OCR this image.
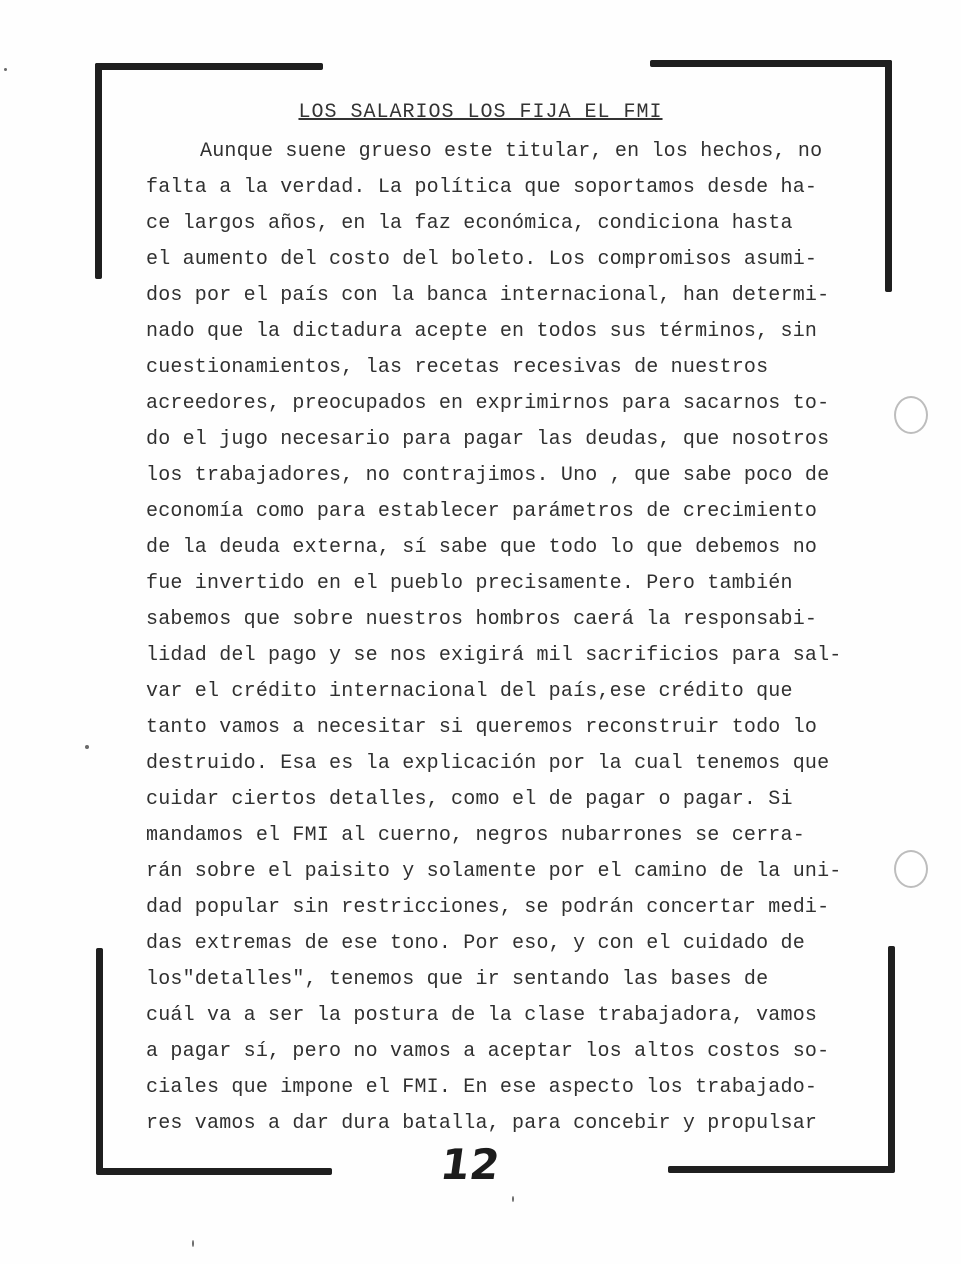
LOS SALARIOS LOS FIJA EL FMI
Aunque suene grueso este titular, en los hechos, no
falta a la verdad. La política que soportamos desde ha-
ce largos años, en la faz económica, condiciona hasta
el aumento del costo del boleto. Los compromisos asumi-
dos por el país con la banca internacional, han determi-
nado que la dictadura acepte en todos sus términos, sin
cuestionamientos, las recetas recesivas de nuestros
acreedores, preocupados en exprimirnos para sacarnos to-
do el jugo necesario para pagar las deudas, que nosotros
los trabajadores, no contrajimos. Uno , que sabe poco de
economía como para establecer parámetros de crecimiento
de la deuda externa, sí sabe que todo lo que debemos no
fue invertido en el pueblo precisamente. Pero también
sabemos que sobre nuestros hombros caerá la responsabi-
lidad del pago y se nos exigirá mil sacrificios para sal-
var el crédito internacional del país,ese crédito que
tanto vamos a necesitar si queremos reconstruir todo lo
destruido. Esa es la explicación por la cual tenemos que
cuidar ciertos detalles, como el de pagar o pagar. Si
mandamos el FMI al cuerno, negros nubarrones se cerra-
rán sobre el paisito y solamente por el camino de la uni-
dad popular sin restricciones, se podrán concertar medi-
das extremas de ese tono. Por eso, y con el cuidado de
los"detalles", tenemos que ir sentando las bases de
cuál va a ser la postura de la clase trabajadora, vamos
a pagar sí, pero no vamos a aceptar los altos costos so-
ciales que impone el FMI. En ese aspecto los trabajado-
res vamos a dar dura batalla, para concebir y propulsar
12
